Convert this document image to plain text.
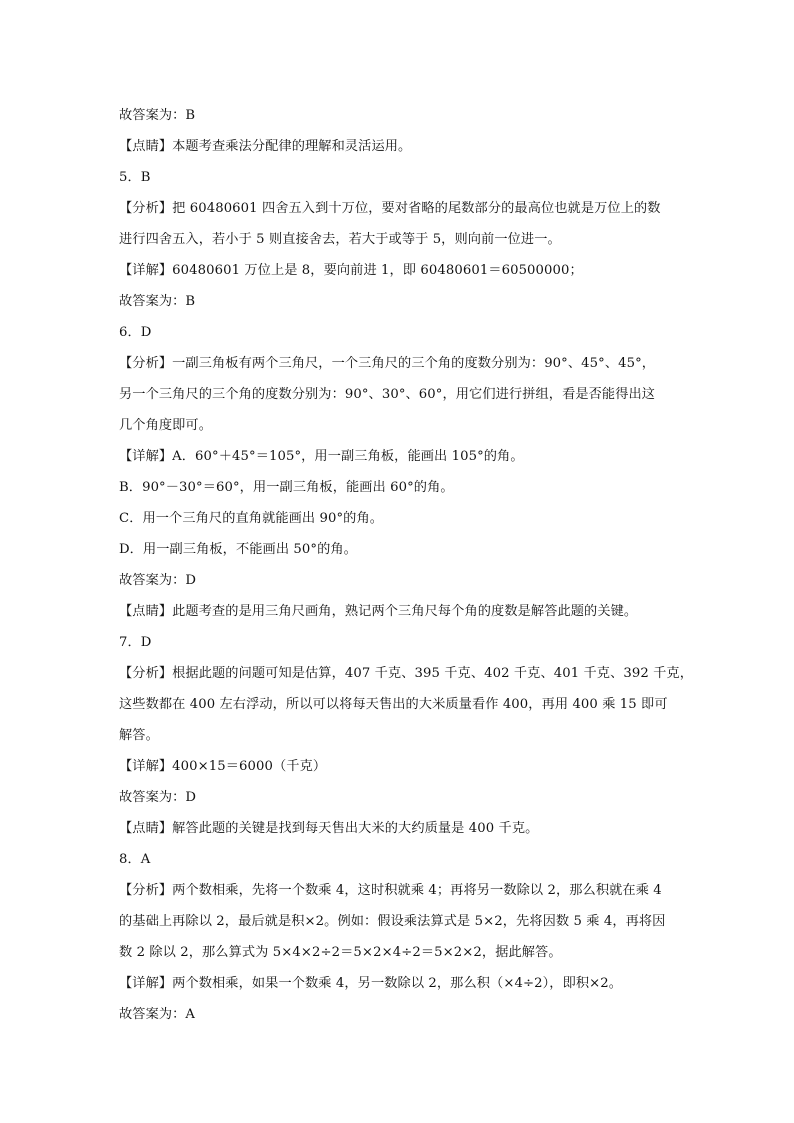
故答案为：B
【点睛】本题考查乘法分配律的理解和灵活运用。
5．B
【分析】把 60480601 四舍五入到十万位，要对省略的尾数部分的最高位也就是万位上的数
进行四舍五入，若小于 5 则直接舍去，若大于或等于 5，则向前一位进一。
【详解】60480601 万位上是 8，要向前进 1，即 60480601＝60500000；
故答案为：B
6．D
【分析】一副三角板有两个三角尺，一个三角尺的三个角的度数分别为：90°、45°、45°，
另一个三角尺的三个角的度数分别为：90°、30°、60°，用它们进行拼组，看是否能得出这
几个角度即可。
【详解】A．60°＋45°＝105°，用一副三角板，能画出 105°的角。
B．90°－30°＝60°，用一副三角板，能画出 60°的角。
C．用一个三角尺的直角就能画出 90°的角。
D．用一副三角板，不能画出 50°的角。
故答案为：D
【点睛】此题考查的是用三角尺画角，熟记两个三角尺每个角的度数是解答此题的关键。
7．D
【分析】根据此题的问题可知是估算，407 千克、395 千克、402 千克、401 千克、392 千克，
这些数都在 400 左右浮动，所以可以将每天售出的大米质量看作 400，再用 400 乘 15 即可
解答。
【详解】400×15＝6000（千克）
故答案为：D
【点睛】解答此题的关键是找到每天售出大米的大约质量是 400 千克。
8．A
【分析】两个数相乘，先将一个数乘 4，这时积就乘 4；再将另一数除以 2，那么积就在乘 4
的基础上再除以 2，最后就是积×2。例如：假设乘法算式是 5×2，先将因数 5 乘 4，再将因
数 2 除以 2，那么算式为 5×4×2÷2＝5×2×4÷2＝5×2×2，据此解答。
【详解】两个数相乘，如果一个数乘 4，另一数除以 2，那么积（×4÷2），即积×2。
故答案为：A
